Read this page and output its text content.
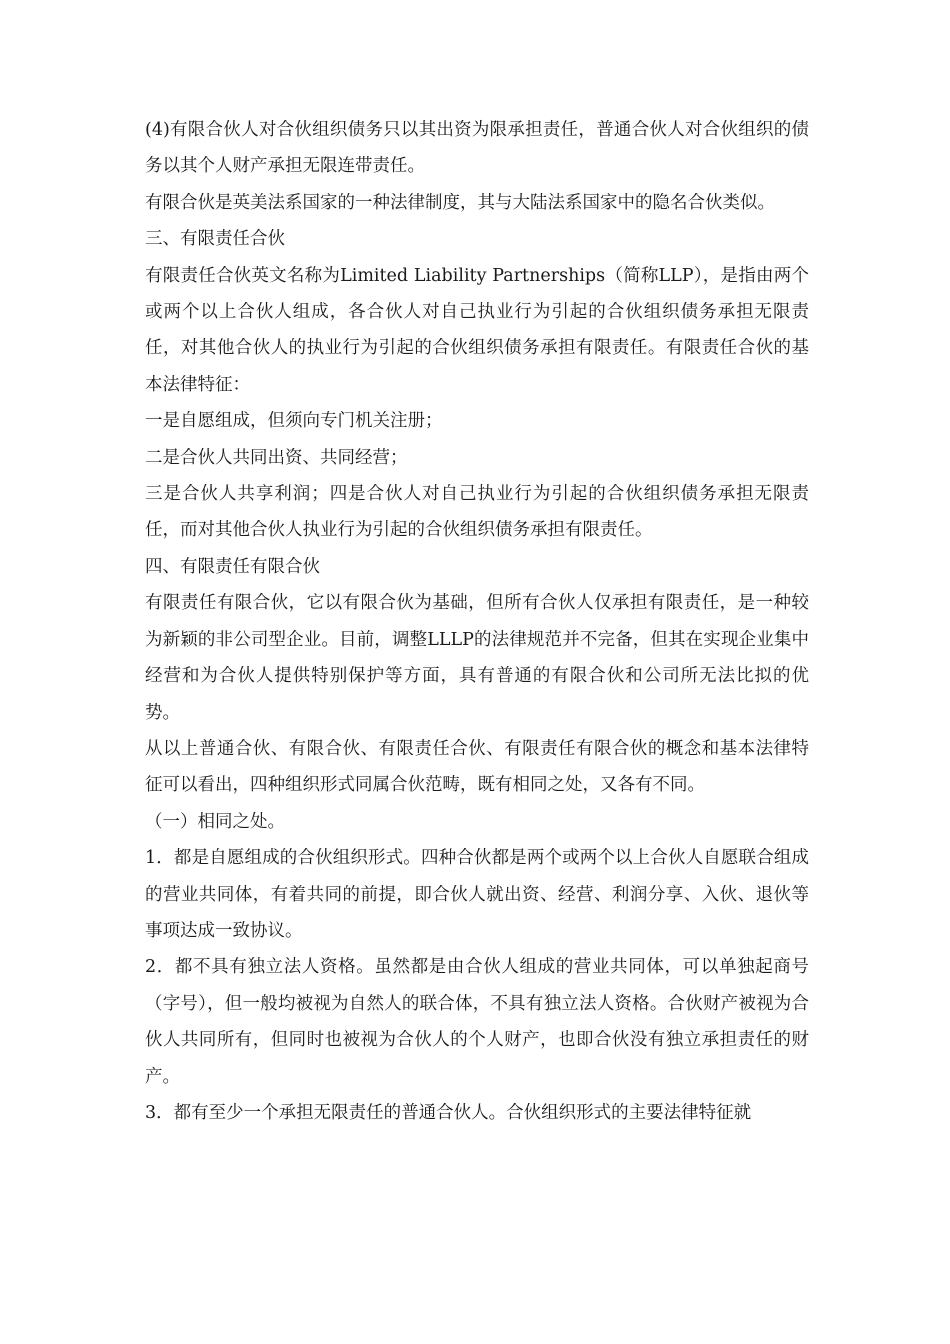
(4)有限合伙人对合伙组织债务只以其出资为限承担责任，普通合伙人对合伙组织的债务以其个人财产承担无限连带责任。

有限合伙是英美法系国家的一种法律制度，其与大陆法系国家中的隐名合伙类似。

三、有限责任合伙

有限责任合伙英文名称为Limited Liability Partnerships（简称LLP），是指由两个或两个以上合伙人组成，各合伙人对自己执业行为引起的合伙组织债务承担无限责任，对其他合伙人的执业行为引起的合伙组织债务承担有限责任。有限责任合伙的基本法律特征：

一是自愿组成，但须向专门机关注册；

二是合伙人共同出资、共同经营；

三是合伙人共享利润；四是合伙人对自己执业行为引起的合伙组织债务承担无限责任，而对其他合伙人执业行为引起的合伙组织债务承担有限责任。

四、有限责任有限合伙

有限责任有限合伙，它以有限合伙为基础，但所有合伙人仅承担有限责任，是一种较为新颖的非公司型企业。目前，调整LLLP的法律规范并不完备，但其在实现企业集中经营和为合伙人提供特别保护等方面，具有普通的有限合伙和公司所无法比拟的优势。

从以上普通合伙、有限合伙、有限责任合伙、有限责任有限合伙的概念和基本法律特征可以看出，四种组织形式同属合伙范畴，既有相同之处，又各有不同。

（一）相同之处。

1．都是自愿组成的合伙组织形式。四种合伙都是两个或两个以上合伙人自愿联合组成的营业共同体，有着共同的前提，即合伙人就出资、经营、利润分享、入伙、退伙等事项达成一致协议。

2．都不具有独立法人资格。虽然都是由合伙人组成的营业共同体，可以单独起商号（字号），但一般均被视为自然人的联合体，不具有独立法人资格。合伙财产被视为合伙人共同所有，但同时也被视为合伙人的个人财产，也即合伙没有独立承担责任的财产。

3．都有至少一个承担无限责任的普通合伙人。合伙组织形式的主要法律特征就
